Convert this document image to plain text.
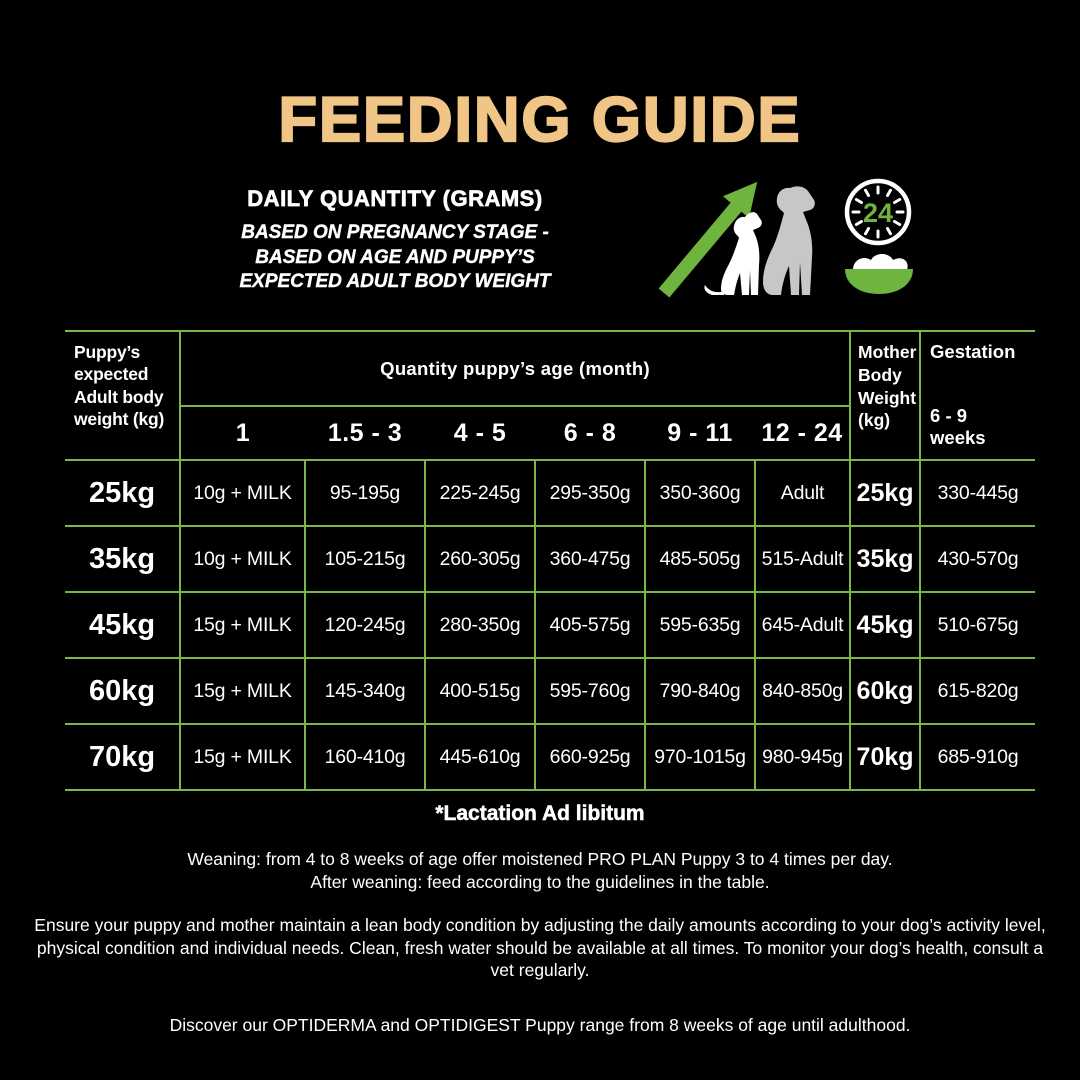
FEEDING GUIDE
DAILY QUANTITY (GRAMS)
BASED ON PREGNANCY STAGE -
BASED ON AGE AND PUPPY’S
EXPECTED ADULT BODY WEIGHT
24
Puppy’s expected Adult body weight (kg)	Quantity puppy’s age (month)						Mother Body Weight (kg)	Gestation
6 - 9
weeks

	1	1.5 - 3	4 - 5	6 - 8	9 - 11	12 - 24		
25kg	10g + MILK	95-195g	225-245g	295-350g	350-360g	Adult	25kg	330-445g
35kg	10g + MILK	105-215g	260-305g	360-475g	485-505g	515-Adult	35kg	430-570g
45kg	15g + MILK	120-245g	280-350g	405-575g	595-635g	645-Adult	45kg	510-675g
60kg	15g + MILK	145-340g	400-515g	595-760g	790-840g	840-850g	60kg	615-820g
70kg	15g + MILK	160-410g	445-610g	660-925g	970-1015g	980-945g	70kg	685-910g
*Lactation Ad libitum
Weaning: from 4 to 8 weeks of age offer moistened PRO PLAN Puppy 3 to 4 times per day.
After weaning: feed according to the guidelines in the table.
Ensure your puppy and mother maintain a lean body condition by adjusting the daily amounts according to your dog’s activity level, physical condition and individual needs. Clean, fresh water should be available at all times. To monitor your dog’s health, consult a vet regularly.
Discover our OPTIDERMA and OPTIDIGEST Puppy range from 8 weeks of age until adulthood.
